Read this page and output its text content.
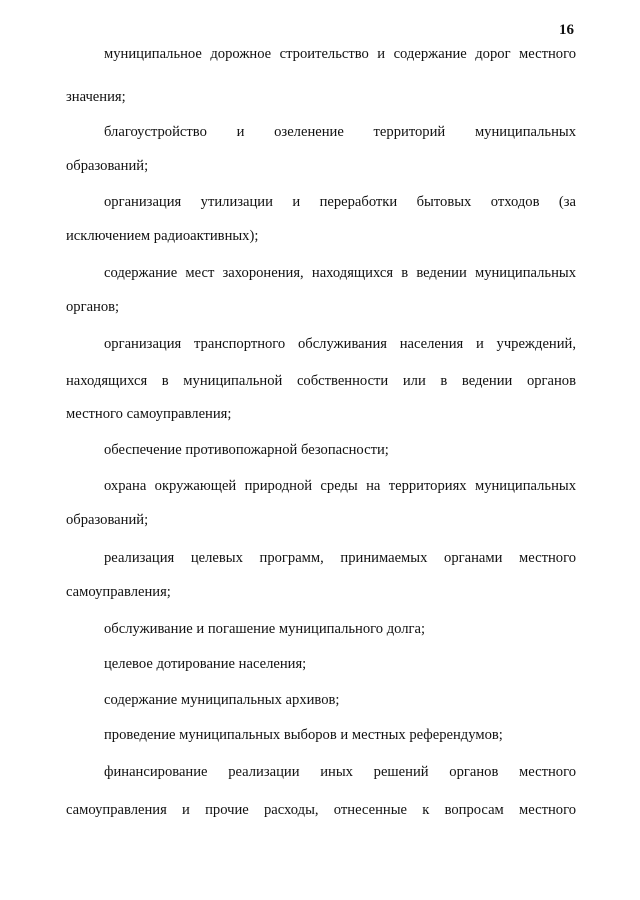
16
муниципальное дорожное строительство и содержание дорог местного
значения;
благоустройство и озеленение территорий муниципальных
образований;
организация утилизации и переработки бытовых отходов (за
исключением радиоактивных);
содержание мест захоронения, находящихся в ведении муниципальных
органов;
организация транспортного обслуживания населения и учреждений,
находящихся в муниципальной собственности или в ведении органов
местного самоуправления;
обеспечение противопожарной безопасности;
охрана окружающей природной среды на территориях муниципальных
образований;
реализация целевых программ, принимаемых органами местного
самоуправления;
обслуживание и погашение муниципального долга;
целевое дотирование населения;
содержание муниципальных архивов;
проведение муниципальных выборов и местных референдумов;
финансирование реализации иных решений органов местного
самоуправления и прочие расходы, отнесенные к вопросам местного
